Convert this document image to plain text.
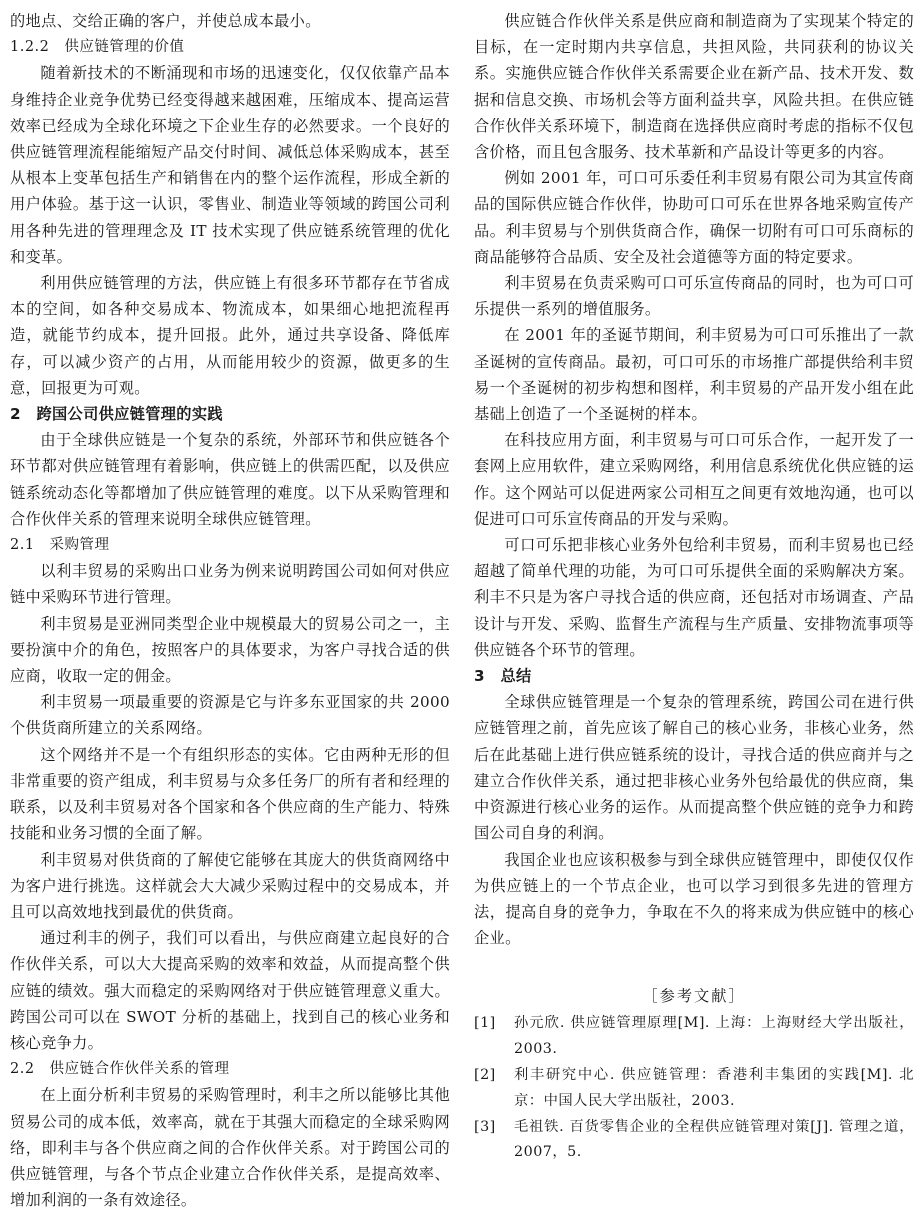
的地点、交给正确的客户，并使总成本最小。

1.2.2　供应链管理的价值

随着新技术的不断涌现和市场的迅速变化，仅仅依靠产品本身维持企业竞争优势已经变得越来越困难，压缩成本、提高运营效率已经成为全球化环境之下企业生存的必然要求。一个良好的供应链管理流程能缩短产品交付时间、减低总体采购成本，甚至从根本上变革包括生产和销售在内的整个运作流程，形成全新的用户体验。基于这一认识，零售业、制造业等领域的跨国公司利用各种先进的管理理念及 IT 技术实现了供应链系统管理的优化和变革。

利用供应链管理的方法，供应链上有很多环节都存在节省成本的空间，如各种交易成本、物流成本，如果细心地把流程再造，就能节约成本，提升回报。此外，通过共享设备、降低库存，可以减少资产的占用，从而能用较少的资源，做更多的生意，回报更为可观。

2　跨国公司供应链管理的实践

由于全球供应链是一个复杂的系统，外部环节和供应链各个环节都对供应链管理有着影响，供应链上的供需匹配，以及供应链系统动态化等都增加了供应链管理的难度。以下从采购管理和合作伙伴关系的管理来说明全球供应链管理。

2.1　采购管理

以利丰贸易的采购出口业务为例来说明跨国公司如何对供应链中采购环节进行管理。

利丰贸易是亚洲同类型企业中规模最大的贸易公司之一，主要扮演中介的角色，按照客户的具体要求，为客户寻找合适的供应商，收取一定的佣金。

利丰贸易一项最重要的资源是它与许多东亚国家的共 2000 个供货商所建立的关系网络。

这个网络并不是一个有组织形态的实体。它由两种无形的但非常重要的资产组成，利丰贸易与众多任务厂的所有者和经理的联系，以及利丰贸易对各个国家和各个供应商的生产能力、特殊技能和业务习惯的全面了解。

利丰贸易对供货商的了解使它能够在其庞大的供货商网络中为客户进行挑选。这样就会大大减少采购过程中的交易成本，并且可以高效地找到最优的供货商。

通过利丰的例子，我们可以看出，与供应商建立起良好的合作伙伴关系，可以大大提高采购的效率和效益，从而提高整个供应链的绩效。强大而稳定的采购网络对于供应链管理意义重大。跨国公司可以在 SWOT 分析的基础上，找到自己的核心业务和核心竞争力。

2.2　供应链合作伙伴关系的管理

在上面分析利丰贸易的采购管理时，利丰之所以能够比其他贸易公司的成本低，效率高，就在于其强大而稳定的全球采购网络，即利丰与各个供应商之间的合作伙伴关系。对于跨国公司的供应链管理，与各个节点企业建立合作伙伴关系，是提高效率、增加利润的一条有效途径。

供应链合作伙伴关系是供应商和制造商为了实现某个特定的目标，在一定时期内共享信息，共担风险，共同获利的协议关系。实施供应链合作伙伴关系需要企业在新产品、技术开发、数据和信息交换、市场机会等方面利益共享，风险共担。在供应链合作伙伴关系环境下，制造商在选择供应商时考虑的指标不仅包含价格，而且包含服务、技术革新和产品设计等更多的内容。

例如 2001 年，可口可乐委任利丰贸易有限公司为其宣传商品的国际供应链合作伙伴，协助可口可乐在世界各地采购宣传产品。利丰贸易与个别供货商合作，确保一切附有可口可乐商标的商品能够符合品质、安全及社会道德等方面的特定要求。

利丰贸易在负责采购可口可乐宣传商品的同时，也为可口可乐提供一系列的增值服务。

在 2001 年的圣诞节期间，利丰贸易为可口可乐推出了一款圣诞树的宣传商品。最初，可口可乐的市场推广部提供给利丰贸易一个圣诞树的初步构想和图样，利丰贸易的产品开发小组在此基础上创造了一个圣诞树的样本。

在科技应用方面，利丰贸易与可口可乐合作，一起开发了一套网上应用软件，建立采购网络，利用信息系统优化供应链的运作。这个网站可以促进两家公司相互之间更有效地沟通，也可以促进可口可乐宣传商品的开发与采购。

可口可乐把非核心业务外包给利丰贸易，而利丰贸易也已经超越了简单代理的功能，为可口可乐提供全面的采购解决方案。利丰不只是为客户寻找合适的供应商，还包括对市场调查、产品设计与开发、采购、监督生产流程与生产质量、安排物流事项等供应链各个环节的管理。

3　总结

全球供应链管理是一个复杂的管理系统，跨国公司在进行供应链管理之前，首先应该了解自己的核心业务，非核心业务，然后在此基础上进行供应链系统的设计，寻找合适的供应商并与之建立合作伙伴关系，通过把非核心业务外包给最优的供应商，集中资源进行核心业务的运作。从而提高整个供应链的竞争力和跨国公司自身的利润。

我国企业也应该积极参与到全球供应链管理中，即使仅仅作为供应链上的一个节点企业，也可以学习到很多先进的管理方法，提高自身的竞争力，争取在不久的将来成为供应链中的核心企业。

［参考文献］
[1]	孙元欣. 供应链管理原理[M]. 上海：上海财经大学出版社，2003.
[2]	利丰研究中心. 供应链管理：香港利丰集团的实践[M]. 北京：中国人民大学出版社，2003.
[3]	毛祖铁. 百货零售企业的全程供应链管理对策[J]. 管理之道，2007，5.
